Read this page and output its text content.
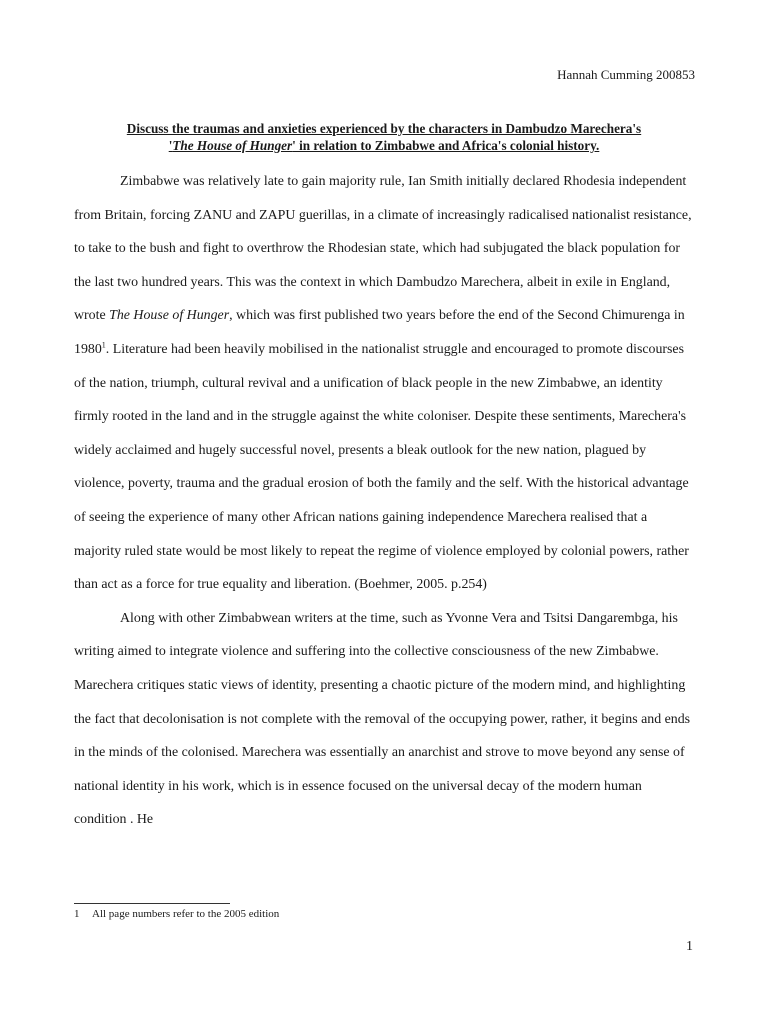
Hannah Cumming 200853
Discuss the traumas and anxieties experienced by the characters in Dambudzo Marechera's
'The House of Hunger' in relation to Zimbabwe and Africa's colonial history.

Zimbabwe was relatively late to gain majority rule, Ian Smith initially declared Rhodesia independent from Britain, forcing ZANU and ZAPU guerillas, in a climate of increasingly radicalised nationalist resistance, to take to the bush and fight to overthrow the Rhodesian state, which had subjugated the black population for the last two hundred years. This was the context in which Dambudzo Marechera, albeit in exile in England, wrote The House of Hunger, which was first published two years before the end of the Second Chimurenga in 1980$^1$. Literature had been heavily mobilised in the nationalist struggle and encouraged to promote discourses of the nation, triumph, cultural revival and a unification of black people in the new Zimbabwe, an identity firmly rooted in the land and in the struggle against the white coloniser. Despite these sentiments, Marechera's widely acclaimed and hugely successful novel, presents a bleak outlook for the new nation, plagued by violence, poverty, trauma and the gradual erosion of both the family and the self. With the historical advantage of seeing the experience of many other African nations gaining independence Marechera realised that a majority ruled state would be most likely to repeat the regime of violence employed by colonial powers, rather than act as a force for true equality and liberation. (Boehmer, 2005. p.254)

Along with other Zimbabwean writers at the time, such as Yvonne Vera and Tsitsi Dangarembga, his writing aimed to integrate violence and suffering into the collective consciousness of the new Zimbabwe. Marechera critiques static views of identity, presenting a chaotic picture of the modern mind, and highlighting the fact that decolonisation is not complete with the removal of the occupying power, rather, it begins and ends in the minds of the colonised. Marechera was essentially an anarchist and strove to move beyond any sense of national identity in his work, which is in essence focused on the universal decay of the modern human condition . He

1 All page numbers refer to the 2005 edition
1
